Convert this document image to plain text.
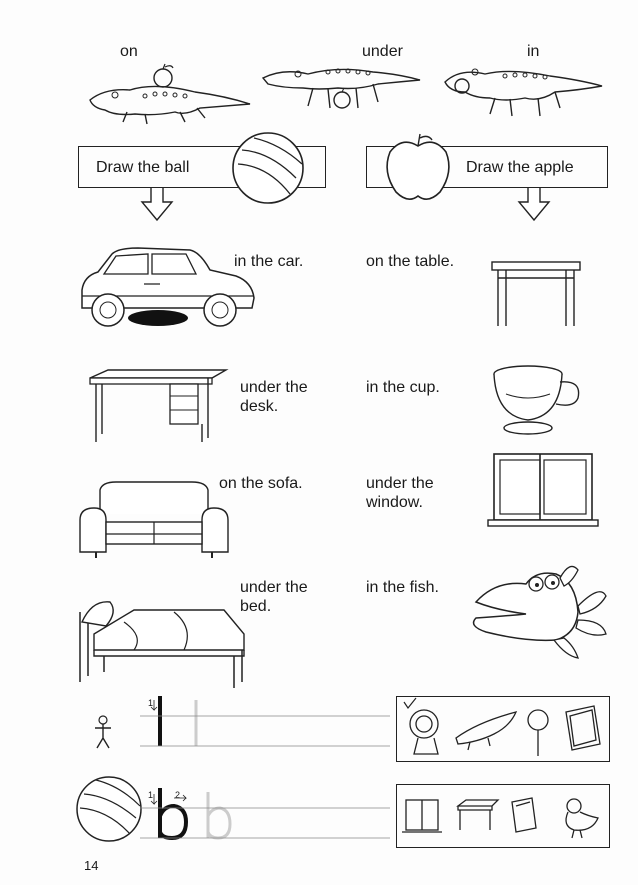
on	under	in
Draw the ball	Draw the apple
in the car.	on the table.
under the desk.
in the cup.
on the sofa.	under the window.
under the bed.
in the fish.
1
1 2
14
